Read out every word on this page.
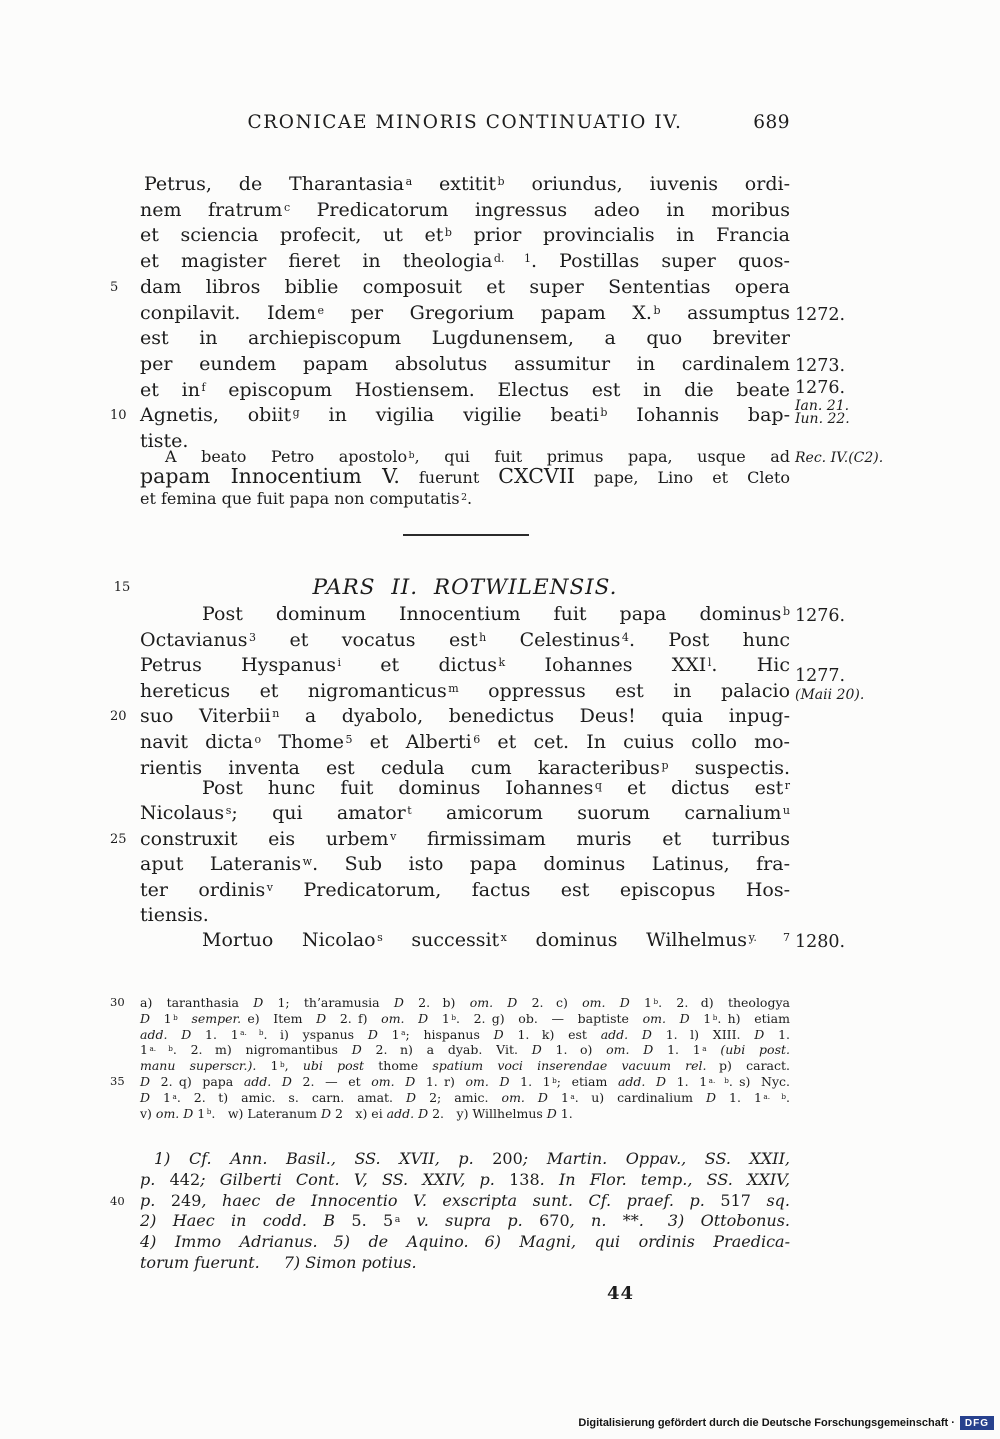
CRONICAE MINORIS CONTINUATIO IV.	689
Petrus, de Tharantasia $^a$ extitit $^b$ oriundus, iuvenis ordi-
nem fratrum $^c$ Predicatorum ingressus adeo in moribus
et sciencia profecit, ut et $^b$ prior provincialis in Francia
et magister fieret in theologia $^{d. 1}$. Postillas super quos-
5	dam libros biblie composuit et super Sententias opera
conpilavit. Idem $^e$ per Gregorium papam X. $^b$ assumptus 1272.
est in archiepiscopum Lugdunensem, a quo breviter
per eundem papam absolutus assumitur in cardinalem 1273.
et in $^f$ episcopum Hostiensem. Electus est in die beate 1276.
Ian. 21.
10 Agnetis, obiit $^g$ in vigilia vigilie beati $^b$ Iohannis bap- Iun. 22.
tiste.
A beato Petro apostolo $^b$, qui fuit primus papa, usque ad Rec. IV.(C2).
papam Innocentium V. fuerunt CXCVII pape, Lino et Cleto
et femina que fuit papa non computatis $^2$.
15	PARS II. ROTWILENSIS.
Post dominum Innocentium fuit papa dominus $^b$ 1276.
Octavianus $^3$ et vocatus est $^h$ Celestinus $^4$. Post hunc
Petrus Hyspanus $^i$ et dictus $^k$ Iohannes XXI $^l$. Hic 1277.
(Maii 20).
hereticus et nigromanticus $^m$ oppressus est in palacio
20 suo Viterbii $^n$ a dyabolo, benedictus Deus! quia inpug-
navit dicta $^o$ Thome $^5$ et Alberti $^6$ et cet. In cuius collo mo-
rientis inventa est cedula cum karacteribus $^p$ suspectis.
Post hunc fuit dominus Iohannes $^q$ et dictus est $^r$
Nicolaus $^s$; qui amator $^t$ amicorum suorum carnalium $^u$
25 construxit eis urbem $^v$ firmissimam muris et turribus
aput Lateranis $^w$. Sub isto papa dominus Latinus, fra-
ter ordinis $^v$ Predicatorum, factus est episcopus Hos-
tiensis.
Mortuo Nicolao $^s$ successit $^x$ dominus Wilhelmus $^{y. 7}$ 1280.
30	a) taranthasia D 1; th’aramusia D 2.  b) om. D 2.  c) om. D 1 $^b$. 2.  d) theologya
D 1 $^b$ semper. e) Item D 2. f) om. D 1 $^b$. 2. g) ob. — baptiste om. D 1 $^b$. h) etiam
add. D 1. 1 $^{a. b}$.  i) yspanus D 1 $^a$; hispanus D 1.  k) est add. D 1.  l) XIII. D 1.
1 $^{a. b}$. 2.  m) nigromantibus D 2.  n) a dyab. Vit. D 1.  o) om. D 1. 1 $^a$ (ubi post.
manu superscr.). 1 $^b$, ubi post thome spatium voci inserendae vacuum rel.  p) caract.
35	D 2. q) papa add. D 2. — et om. D 1. r) om. D 1. 1 $^b$; etiam add. D 1. 1 $^{a. b}$. s) Nyc.
D 1 $^a$. 2.  t) amic. s. carn. amat. D 2; amic. om. D 1 $^a$.  u) cardinalium D 1. 1 $^{a. b}$.
v) om. D 1 $^b$.  w) Lateranum D 2  x) ei add. D 2.  y) Willhelmus D 1.
1) Cf. Ann. Basil., SS. XVII, p. 200; Martin. Oppav., SS. XXII,
p. 442; Gilberti Cont. V, SS. XXIV, p. 138. In Flor. temp., SS. XXIV,
40 p. 249, haec de Innocentio V. exscripta sunt. Cf. praef. p. 517 sq.
2) Haec in codd. B 5. 5 $^a$ v. supra p. 670, n. **.   3) Ottobonus.
4) Immo Adrianus.  5) de Aquino.  6) Magni, qui ordinis Praedica-
torum fuerunt.   7) Simon potius.
44
Digitalisierung gefördert durch die Deutsche Forschungsgemeinschaft ·	DFG
